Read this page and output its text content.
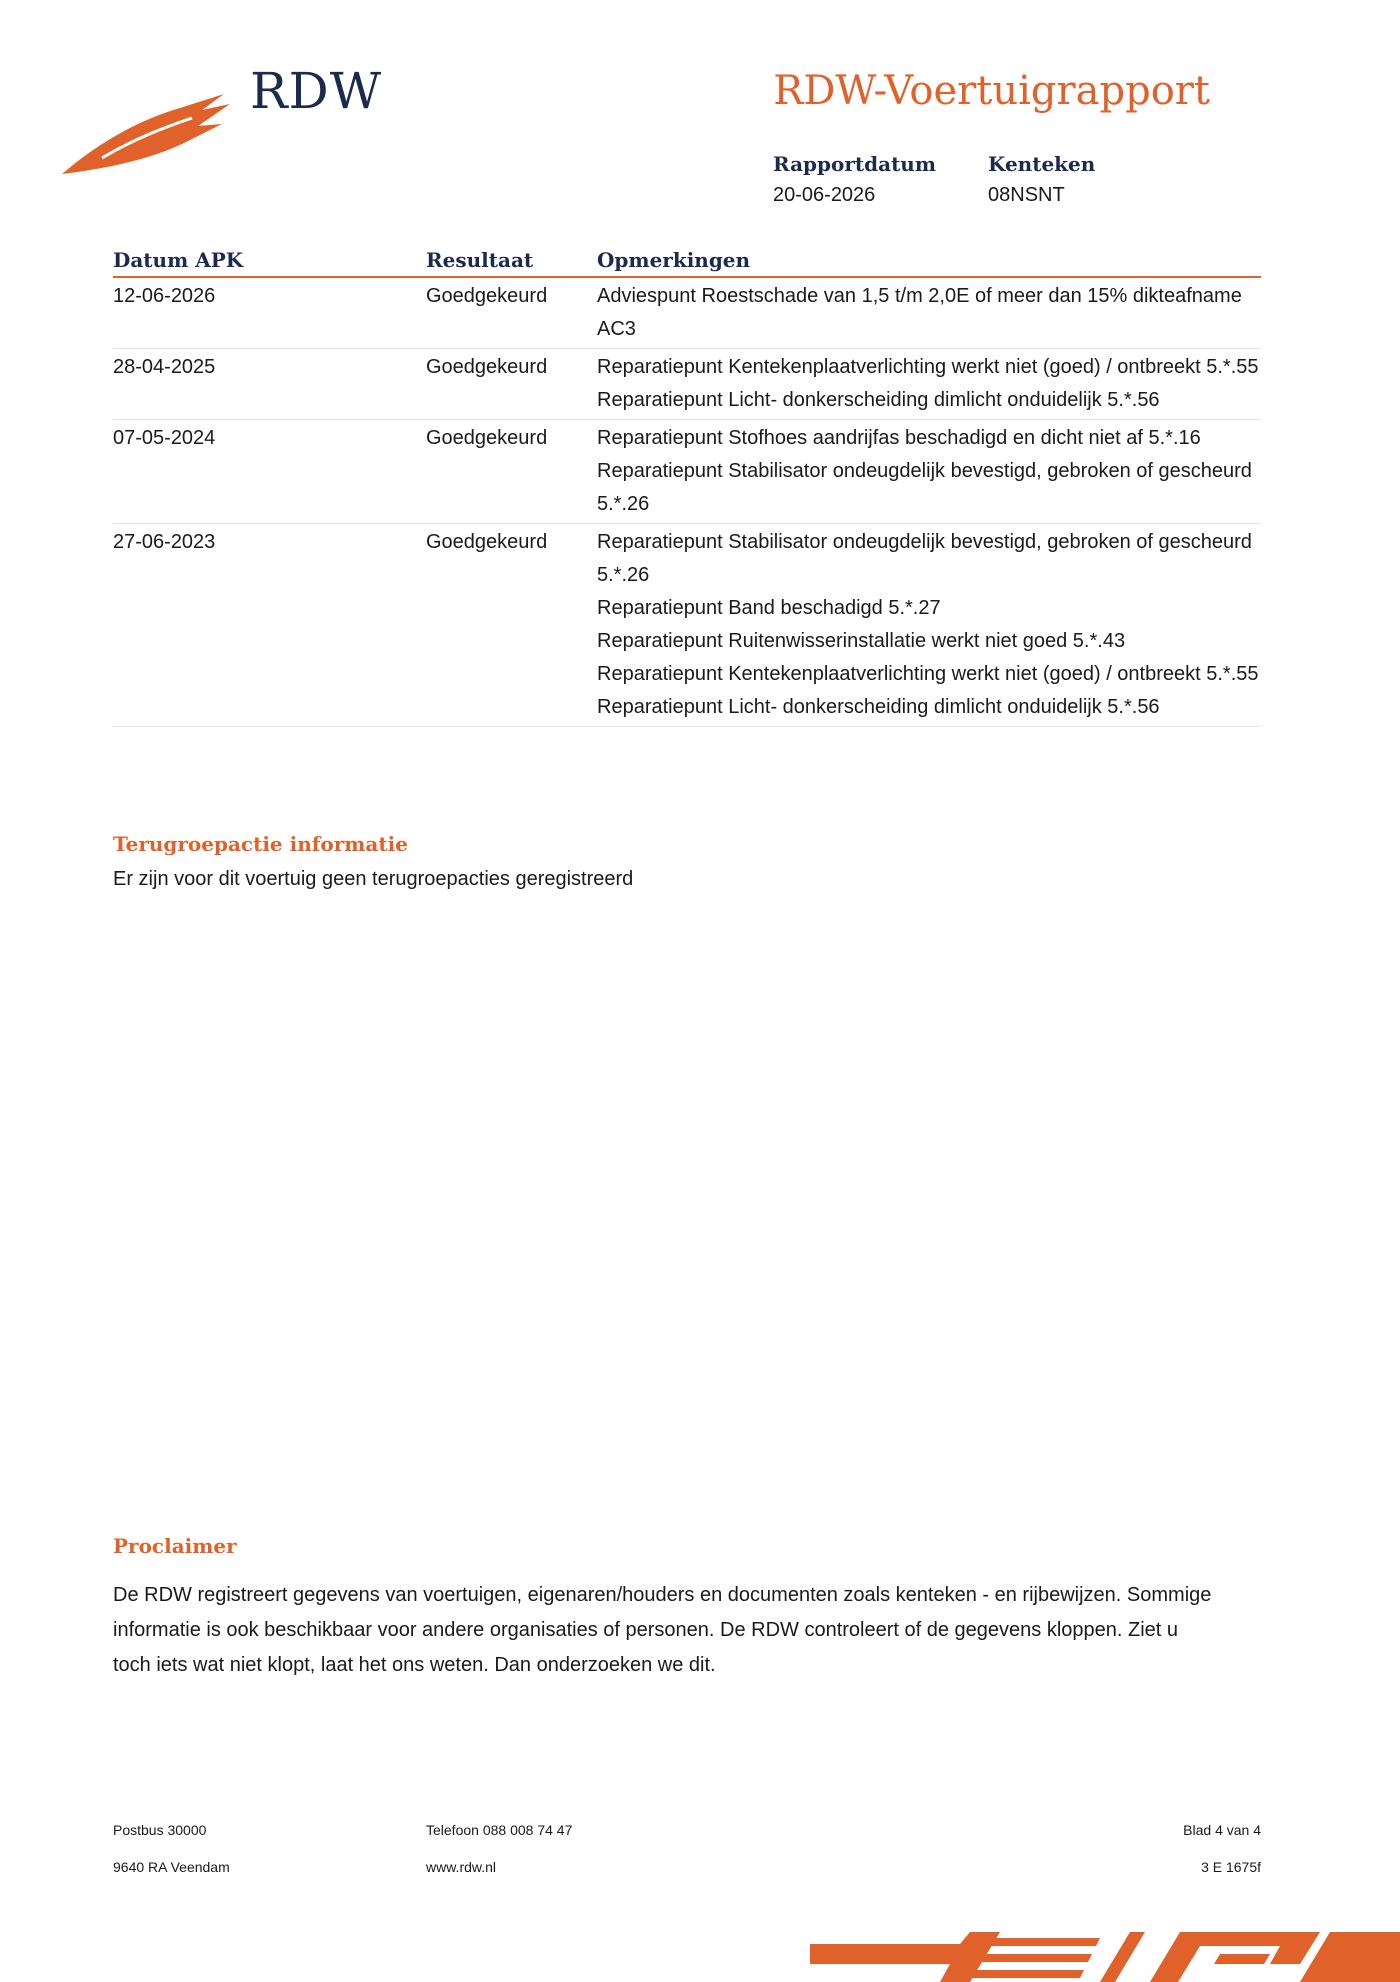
RDW	RDW-Voertuigrapport
Rapportdatum
20-06-2026
Kenteken
08NSNT
Datum APK	Resultaat	Opmerkingen
12-06-2026	Goedgekeurd	Adviespunt Roestschade van 1,5 t/m 2,0E of meer dan 15% dikteafname AC3

28-04-2025	Goedgekeurd	Reparatiepunt Kentekenplaatverlichting werkt niet (goed) / ontbreekt 5.*.55
Reparatiepunt Licht- donkerscheiding dimlicht onduidelijk 5.*.56

07-05-2024	Goedgekeurd	Reparatiepunt Stofhoes aandrijfas beschadigd en dicht niet af 5.*.16
Reparatiepunt Stabilisator ondeugdelijk bevestigd, gebroken of gescheurd 5.*.26

27-06-2023	Goedgekeurd	Reparatiepunt Stabilisator ondeugdelijk bevestigd, gebroken of gescheurd 5.*.26
Reparatiepunt Band beschadigd 5.*.27
Reparatiepunt Ruitenwisserinstallatie werkt niet goed 5.*.43
Reparatiepunt Kentekenplaatverlichting werkt niet (goed) / ontbreekt 5.*.55
Reparatiepunt Licht- donkerscheiding dimlicht onduidelijk 5.*.56
Terugroepactie informatie
Er zijn voor dit voertuig geen terugroepacties geregistreerd
Proclaimer
De RDW registreert gegevens van voertuigen, eigenaren/houders en documenten zoals kenteken - en rijbewijzen. Sommige informatie is ook beschikbaar voor andere organisaties of personen. De RDW controleert of de gegevens kloppen. Ziet u toch iets wat niet klopt, laat het ons weten. Dan onderzoeken we dit.
Postbus 30000
9640 RA Veendam
Telefoon 088 008 74 47
www.rdw.nl
Blad 4 van 4
3 E 1675f
